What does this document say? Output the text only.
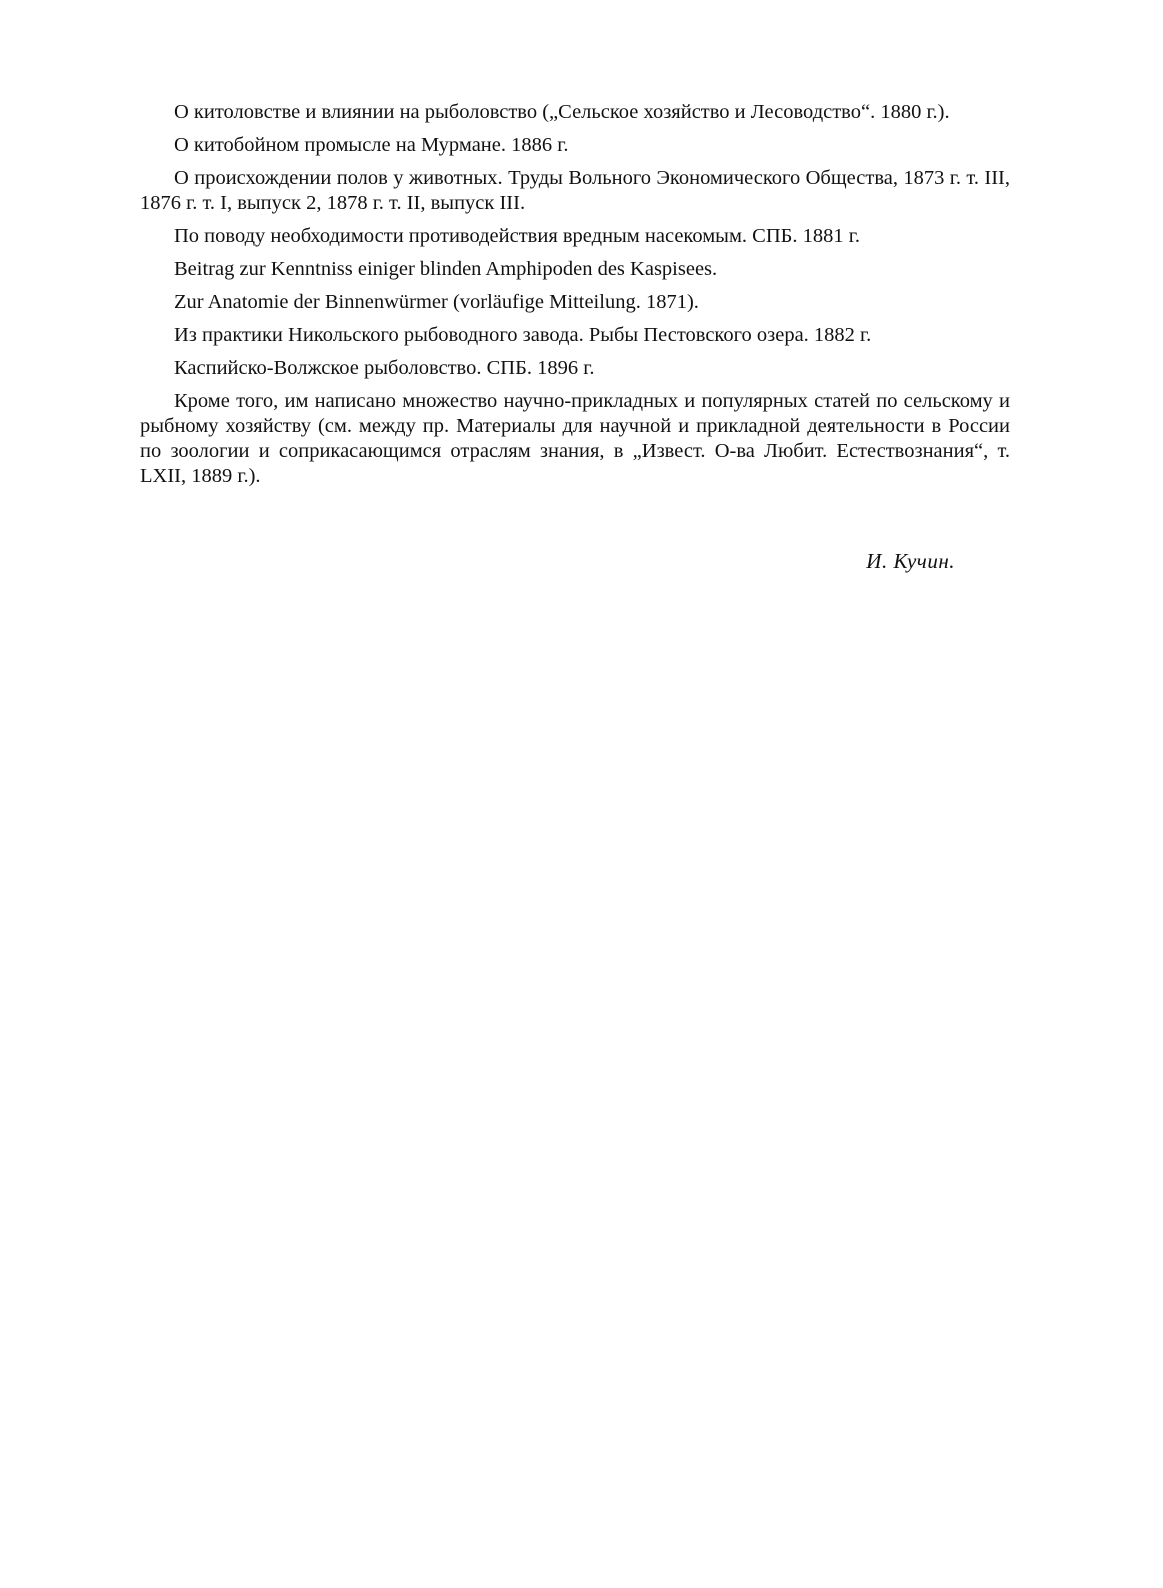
О китоловстве и влиянии на рыболовство („Сельское хозяйство и Лесоводство“. 1880 г.).

О китобойном промысле на Мурмане. 1886 г.

О происхождении полов у животных. Труды Вольного Экономического Общества, 1873 г. т. III, 1876 г. т. I, выпуск 2, 1878 г. т. II, выпуск III.

По поводу необходимости противодействия вредным насекомым. СПБ. 1881 г.

Beitrag zur Kenntniss einiger blinden Amphipoden des Kaspisees.

Zur Anatomie der Binnenwürmer (vorläufige Mitteilung. 1871).

Из практики Никольского рыбоводного завода. Рыбы Пестовского озера. 1882 г.

Каспийско-Волжское рыболовство. СПБ. 1896 г.

Кроме того, им написано множество научно-прикладных и популярных статей по сельскому и рыбному хозяйству (см. между пр. Материалы для научной и прикладной деятельности в России по зоологии и соприкасающимся отраслям знания, в „Извест. О-ва Любит. Естествознания“, т. LXII, 1889 г.).

И. Кучин.
